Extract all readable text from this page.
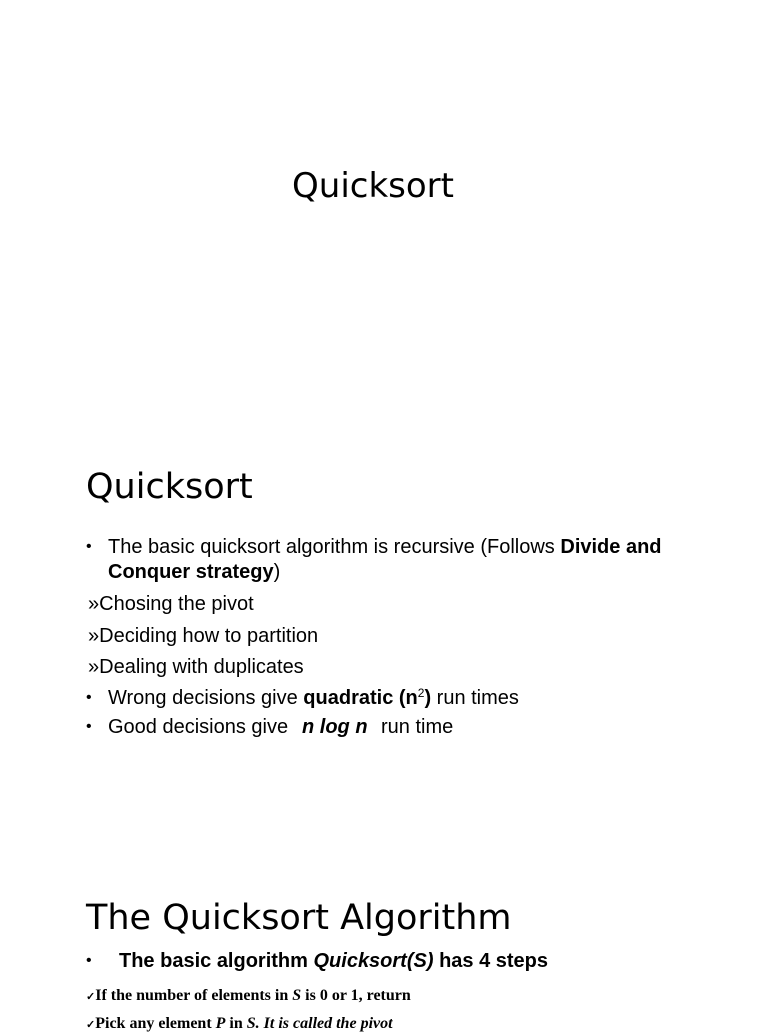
Quicksort
Quicksort
• The basic quicksort algorithm is recursive (Follows Divide and
Conquer strategy)
»Chosing the pivot
»Deciding how to partition
»Dealing with duplicates
• Wrong decisions give quadratic $(n^2)$ run times
• Good decisions give n log n run time
The Quicksort Algorithm
• The basic algorithm Quicksort(S) has 4 steps
✓If the number of elements in S is 0 or 1, return
✓Pick any element P in S. It is called the pivot
